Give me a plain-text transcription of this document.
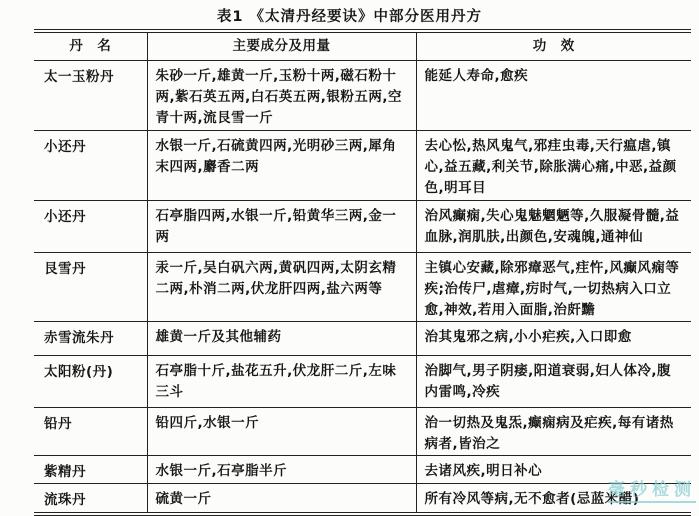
表1 《太清丹经要诀》中部分医用丹方
丹　名	主要成分及用量	功　效
太一玉粉丹	朱砂一斤,雄黄一斤,玉粉十两,磁石粉十两,紫石英五两,白石英五两,银粉五两,空青十两,流艮雪一斤	能延人寿命,愈疾
小还丹	水银一斤,石硫黄四两,光明砂三两,犀角末四两,麝香二两	去心忪,热风鬼气,邪疰虫毒,天行瘟虐,镇心,益五藏,利关节,除胀满心痛,中恶,益颜色,明耳目
小还丹	石亭脂四两,水银一斤,铅黄华三两,金一两	治风癫痫,失心鬼魅魍魉等,久服凝骨髓,益血脉,润肌肤,出颜色,安魂魄,通神仙
艮雪丹	汞一斤,吴白矾六两,黄矾四两,太阴玄精二两,朴消二两,伏龙肝四两,盐六两等	主镇心安藏,除邪瘴恶气,疰忤,风癫风痫等疾;治传尸,虐瘴,疠时气,一切热病入口立愈,神效,若用入面脂,治皯黵
赤雪流朱丹	雄黄一斤及其他辅药	治其鬼邪之病,小小疟疾,入口即愈
太阳粉(丹)	石亭脂十斤,盐花五升,伏龙肝二斤,左味三斗	治脚气,男子阴痿,阳道衰弱,妇人体冷,腹内雷鸣,冷疾
铅丹	铅四斤,水银一斤	治一切热及鬼炁,癫痫病及疟疾,每有诸热病者,皆治之
紫精丹	水银一斤,石亭脂半斤	去诸风疾,明日补心
流珠丹	硫黄一斤	所有冷风等病,无不愈者(忌蓝米醋)
毫秒检测
